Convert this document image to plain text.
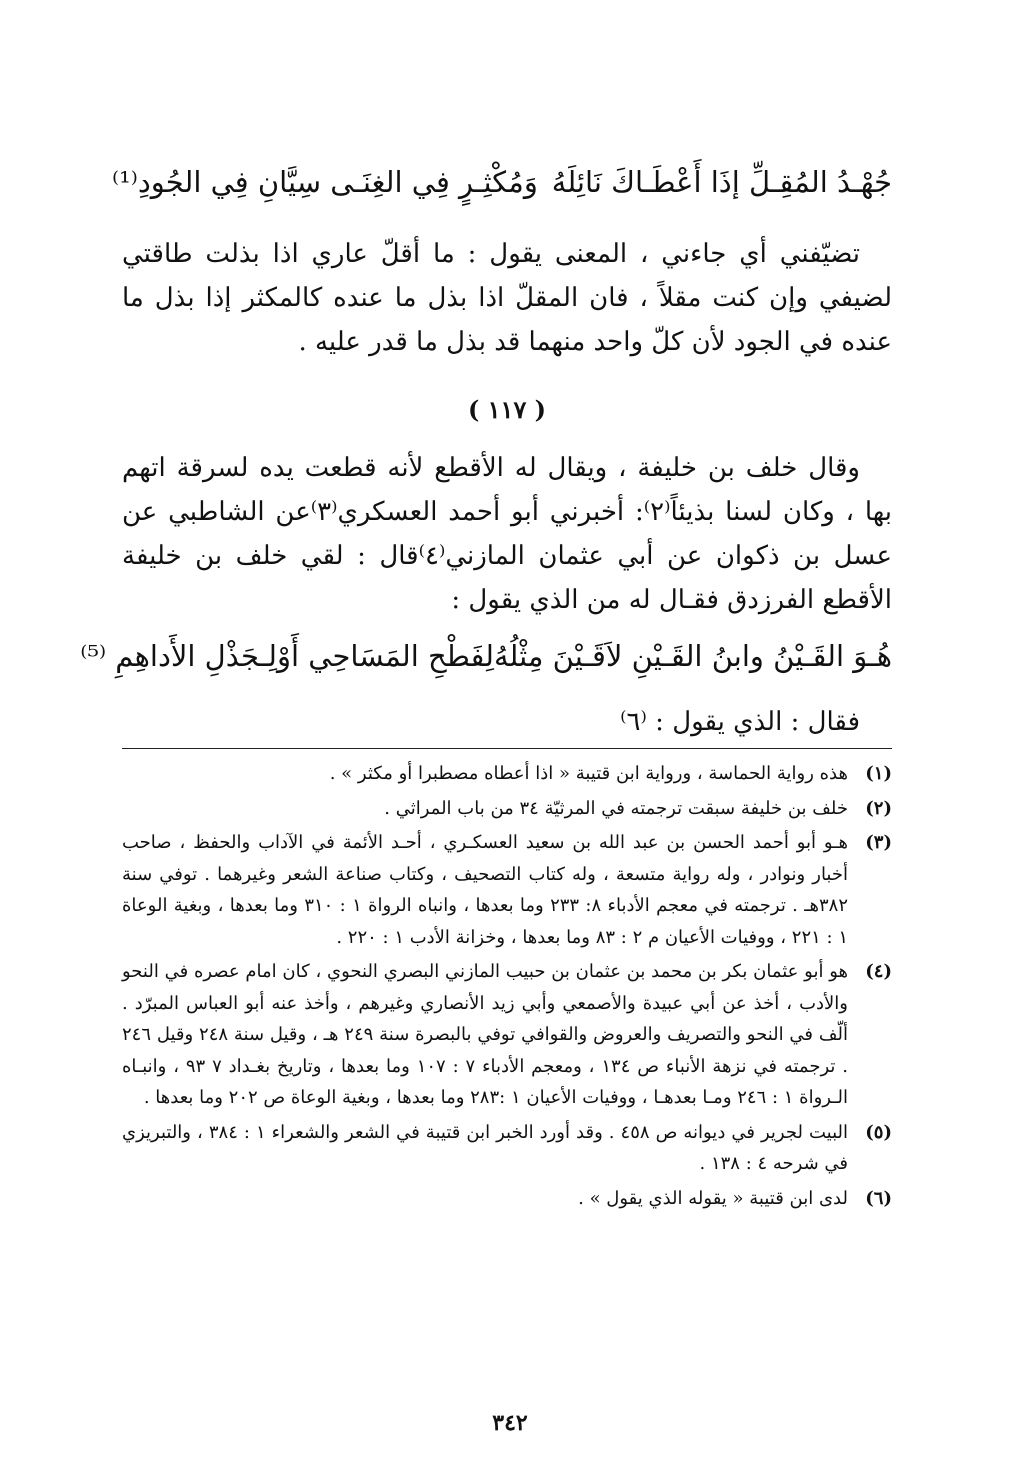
جُهْـدُ المُقِـلِّ إذَا أَعْطَـاكَ نَائِلَهُ
وَمُكْثِـرٍ فِي الغِنَـى سِيَّانِ فِي الجُودِ⁽¹⁾

تضيّفني أي جاءني ، المعنى يقول : ما أقلّ عاري اذا بذلت طاقتي لضيفي وإن كنت مقلاً ، فان المقلّ اذا بذل ما عنده كالمكثر إذا بذل ما عنده في الجود لأن كلّ واحد منهما قد بذل ما قدر عليه .

( ١١٧ )

وقال خلف بن خليفة ، ويقال له الأقطع لأنه قطعت يده لسرقة اتهم بها ، وكان لسنا بذيئاً⁽٢⁾: أخبرني أبو أحمد العسكري⁽٣⁾عن الشاطبي عن عسل بن ذكوان عن أبي عثمان المازني⁽٤⁾قال : لقي خلف بن خليفة الأقطع الفرزدق فقـال له من الذي يقول :

هُـوَ القَـيْنُ وابنُ القَـيْنِ لاَقَـيْنَ مِثْلُهُ
لِفَطْحِ المَسَاحِي أَوْلِـجَذْلِ الأَداهِمِ ⁽⁵⁾
فقال : الذي يقول : ⁽٦⁾
(١)
هذه رواية الحماسة ، ورواية ابن قتيبة « اذا أعطاه مصطبرا أو مكثر » .
(٢)
خلف بن خليفة سبقت ترجمته في المرثيّة ٣٤ من باب المراثي .
(٣)
هـو أبو أحمد الحسن بن عبد الله بن سعيد العسكـري ، أحـد الأئمة في الآداب والحفظ ، صاحب أخبار ونوادر ، وله رواية متسعة ، وله كتاب التصحيف ، وكتاب صناعة الشعر وغيرهما . توفي سنة ٣٨٢هـ . ترجمته في معجم الأدباء ٨: ٢٣٣ وما بعدها ، وانباه الرواة ١ : ٣١٠ وما بعدها ، وبغية الوعاة ١ : ٢٢١ ، ووفيات الأعيان م ٢ : ٨٣ وما بعدها ، وخزانة الأدب ١ : ٢٢٠ .
(٤)
هو أبو عثمان بكر بن محمد بن عثمان بن حبيب المازني البصري النحوي ، كان امام عصره في النحو والأدب ، أخذ عن أبي عبيدة والأصمعي وأبي زيد الأنصاري وغيرهم ، وأخذ عنه أبو العباس المبرّد . ألّف في النحو والتصريف والعروض والقوافي توفي بالبصرة سنة ٢٤٩ هـ ، وقيل سنة ٢٤٨ وقيل ٢٤٦ . ترجمته في نزهة الأنباء ص ١٣٤ ، ومعجم الأدباء ٧ : ١٠٧ وما بعدها ، وتاريخ بغـداد ٧ ٩٣ ، وانبـاه الـرواة ١ : ٢٤٦ ومـا بعدهـا ، ووفيات الأعيان ١ :٢٨٣ وما بعدها ، وبغية الوعاة ص ٢٠٢ وما بعدها .
(٥)
البيت لجرير في ديوانه ص ٤٥٨ . وقد أورد الخبر ابن قتيبة في الشعر والشعراء ١ : ٣٨٤ ، والتبريزي في شرحه ٤ : ١٣٨ .
(٦)
لدى ابن قتيبة « يقوله الذي يقول » .
٣٤٢
